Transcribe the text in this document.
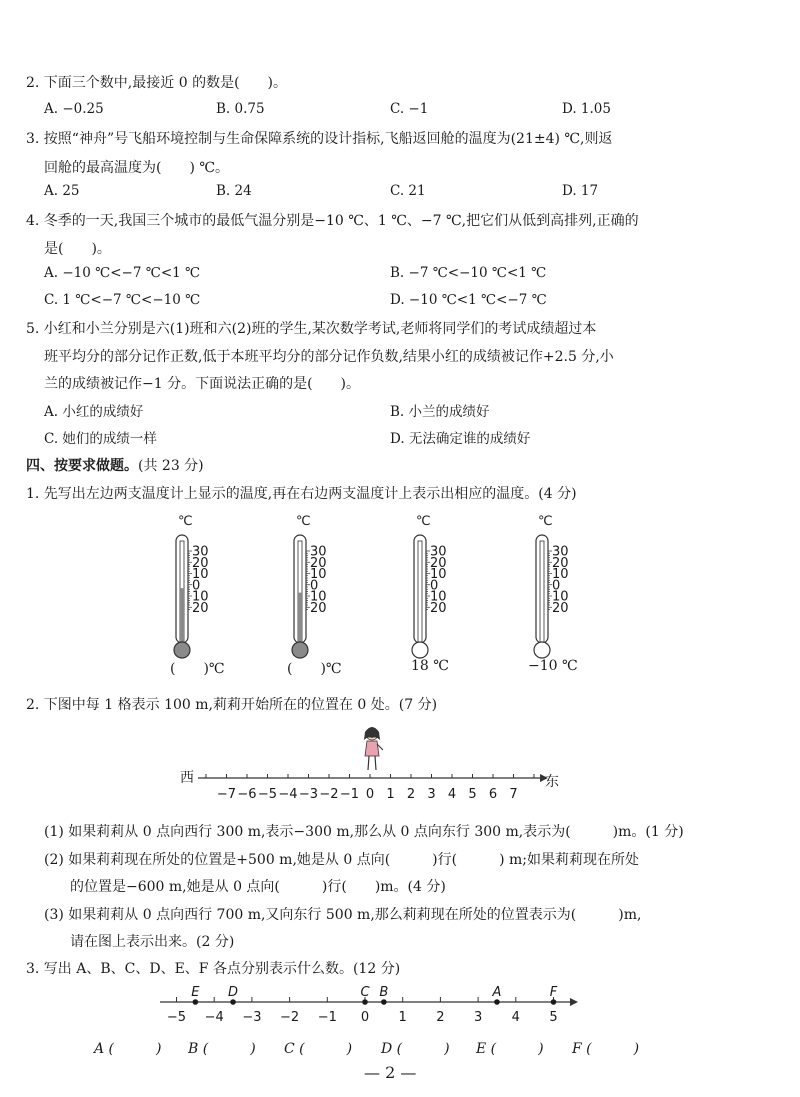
2. 下面三个数中,最接近 0 的数是(　　)。
A. −0.25	B. 0.75	C. −1	D. 1.05
3. 按照“神舟”号飞船环境控制与生命保障系统的设计指标,飞船返回舱的温度为(21±4) ℃,则返
回舱的最高温度为(　　) ℃。
A. 25	B. 24	C. 21	D. 17
4. 冬季的一天,我国三个城市的最低气温分别是−10 ℃、1 ℃、−7 ℃,把它们从低到高排列,正确的
是(　　)。
A. −10 ℃<−7 ℃<1 ℃	B. −7 ℃<−10 ℃<1 ℃
C. 1 ℃<−7 ℃<−10 ℃	D. −10 ℃<1 ℃<−7 ℃
5. 小红和小兰分别是六(1)班和六(2)班的学生,某次数学考试,老师将同学们的考试成绩超过本
班平均分的部分记作正数,低于本班平均分的部分记作负数,结果小红的成绩被记作+2.5 分,小
兰的成绩被记作−1 分。下面说法正确的是(　　)。
A. 小红的成绩好	B. 小兰的成绩好
C. 她们的成绩一样	D. 无法确定谁的成绩好
四、按要求做题。(共 23 分)
1. 先写出左边两支温度计上显示的温度,再在右边两支温度计上表示出相应的温度。(4 分)
℃
30
20
10
0
10
20
℃
30
20
10
0
10
20
℃
30
20
10
0
10
20
℃
30
20
10
0
10
20
(　　)℃	(　　)℃	18 ℃	−10 ℃
2. 下图中每 1 格表示 100 m,莉莉开始所在的位置在 0 处。(7 分)
西
−7 −6 −5 −4 −3 −2 −1 0 1 2 3 4 5 6 7
东
(1) 如果莉莉从 0 点向西行 300 m,表示−300 m,那么从 0 点向东行 300 m,表示为(　　　)m。(1 分)
(2) 如果莉莉现在所处的位置是+500 m,她是从 0 点向(　　　)行(　　　) m;如果莉莉现在所处
的位置是−600 m,她是从 0 点向(　　　)行(　　)m。(4 分)
(3) 如果莉莉从 0 点向西行 700 m,又向东行 500 m,那么莉莉现在所处的位置表示为(　　　)m,
请在图上表示出来。(2 分)
3. 写出 A、B、C、D、E、F 各点分别表示什么数。(12 分)
−5 −4 −3 −2 −1 0 1 2 3 4 5
E D	C B	A	F
A (　　　) B (　　　) C (　　　) D (　　　) E (　　　) F (　　　)
— 2 —
